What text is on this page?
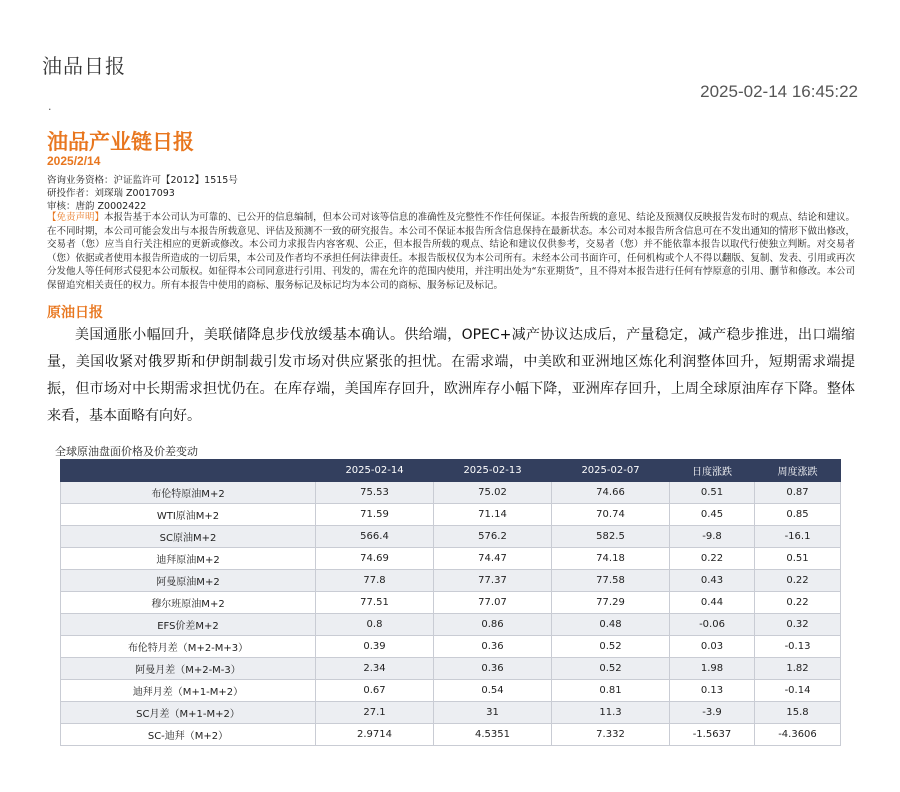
油品日报
2025-02-14 16:45:22
.
油品产业链日报
2025/2/14
咨询业务资格：沪证监许可【2012】1515号
研投作者：刘琛瑞 Z0017093
审核：唐韵 Z0002422
【免责声明】本报告基于本公司认为可靠的、已公开的信息编制，但本公司对该等信息的准确性及完整性不作任何保证。本报告所载的意见、结论及预测仅反映报告发布时的观点、结论和建议。在不同时期，本公司可能会发出与本报告所载意见、评估及预测不一致的研究报告。本公司不保证本报告所含信息保持在最新状态。本公司对本报告所含信息可在不发出通知的情形下做出修改，交易者（您）应当自行关注相应的更新或修改。本公司力求报告内容客观、公正，但本报告所载的观点、结论和建议仅供参考，交易者（您）并不能依靠本报告以取代行使独立判断。对交易者（您）依据或者使用本报告所造成的一切后果，本公司及作者均不承担任何法律责任。本报告版权仅为本公司所有。未经本公司书面许可，任何机构或个人不得以翻版、复制、发表、引用或再次分发他人等任何形式侵犯本公司版权。如征得本公司同意进行引用、刊发的，需在允许的范围内使用，并注明出处为“东亚期货”，且不得对本报告进行任何有悖原意的引用、删节和修改。本公司保留追究相关责任的权力。所有本报告中使用的商标、服务标记及标记均为本公司的商标、服务标记及标记。
原油日报

美国通胀小幅回升，美联储降息步伐放缓基本确认。供给端，OPEC+减产协议达成后，产量稳定，减产稳步推进，出口端缩量，美国收紧对俄罗斯和伊朗制裁引发市场对供应紧张的担忧。在需求端，中美欧和亚洲地区炼化利润整体回升，短期需求端提振，但市场对中长期需求担忧仍在。在库存端，美国库存回升，欧洲库存小幅下降，亚洲库存回升，上周全球原油库存下降。整体来看，基本面略有向好。

全球原油盘面价格及价差变动
	2025-02-14	2025-02-13	2025-02-07	日度涨跌	周度涨跌
布伦特原油M+2	75.53	75.02	74.66	0.51	0.87
WTI原油M+2	71.59	71.14	70.74	0.45	0.85
SC原油M+2	566.4	576.2	582.5	-9.8	-16.1
迪拜原油M+2	74.69	74.47	74.18	0.22	0.51
阿曼原油M+2	77.8	77.37	77.58	0.43	0.22
穆尔班原油M+2	77.51	77.07	77.29	0.44	0.22
EFS价差M+2	0.8	0.86	0.48	-0.06	0.32
布伦特月差（M+2-M+3）	0.39	0.36	0.52	0.03	-0.13
阿曼月差（M+2-M-3）	2.34	0.36	0.52	1.98	1.82
迪拜月差（M+1-M+2）	0.67	0.54	0.81	0.13	-0.14
SC月差（M+1-M+2）	27.1	31	11.3	-3.9	15.8
SC-迪拜（M+2）	2.9714	4.5351	7.332	-1.5637	-4.3606
